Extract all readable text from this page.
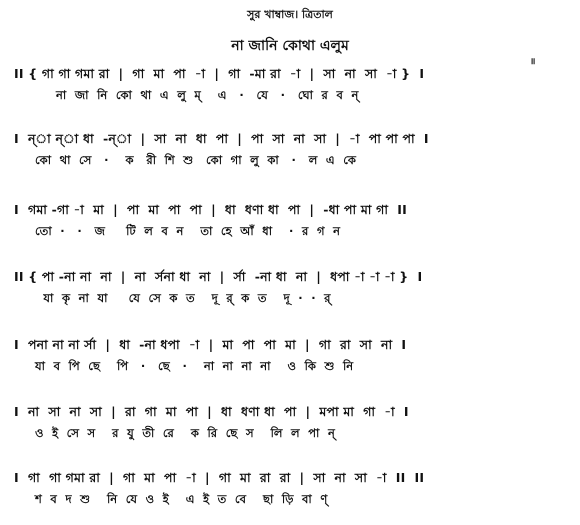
সুর খাম্বাজ। ত্রিতাল
না জানি কোথা এলুম
॥
II { গা গা গমা রা  |  গা  মা  পা  -া  |  গা  -মা রা  -া  |  সা  না  সা  -া }  I
না  জা  নি  কো  থা  এ  লু  ম্    এ   ·   যে   ·   ঘো  র  ব  ন্
I  ন্া ন্া ধা  -ন্া  |  সা  না  ধা  পা  |  পা  সা  না  সা  |  -া  পা পা পা  I
কো  থা  সে   ·    ক   রী  শি  শু   কো  গা  লু  কা   ·   ল  এ  কে
I  গমা -গা -া  মা  |  পা  মা  পা  পা  |  ধা  ধণা ধা  পা  |  -ধা পা মা গা  II
তো  ·   ·   জ     টি  ল  ব  ন    তা  হে  আঁ  ধা    ·  র  গ  ন
II { পা -না না  না  |  না  র্সনা ধা  না  |  র্সা  -না ধা  না  |  ধপা -া -া -া }  I
যা  কৃ  না  যা     যে  সে  ক  ত    দূ  র্  ক  ত    দূ  ·  ·  র্
I  পনা না না র্সা  |  ধা  -না ধপা  -া  |  মা  পা  পা  মা  |  গা  রা  সা  না  I
যা  ব  পি  ছে    পি   ·   ছে   ·    না  না  না  না    ও  কি  শু  নি
I  না  সা  না  সা  |  রা  গা  মা  পা  |  ধা  ধণা ধা  পা  |  মপা মা  গা  -া  I
ও  ই  সে  স    র  যু  তী  রে    ক  রি  ছে  স    লি  ল  পা  ন্
I  গা  গা গমা রা  |  গা  মা  পা  -া  |  গা  মা  রা  রা  |  সা  না  সা  -া  II  II
শ  ব  দ  শু    নি  যে  ও  ই    এ  ই  ত  বে    ছা  ড়ি  বা  ণ্
